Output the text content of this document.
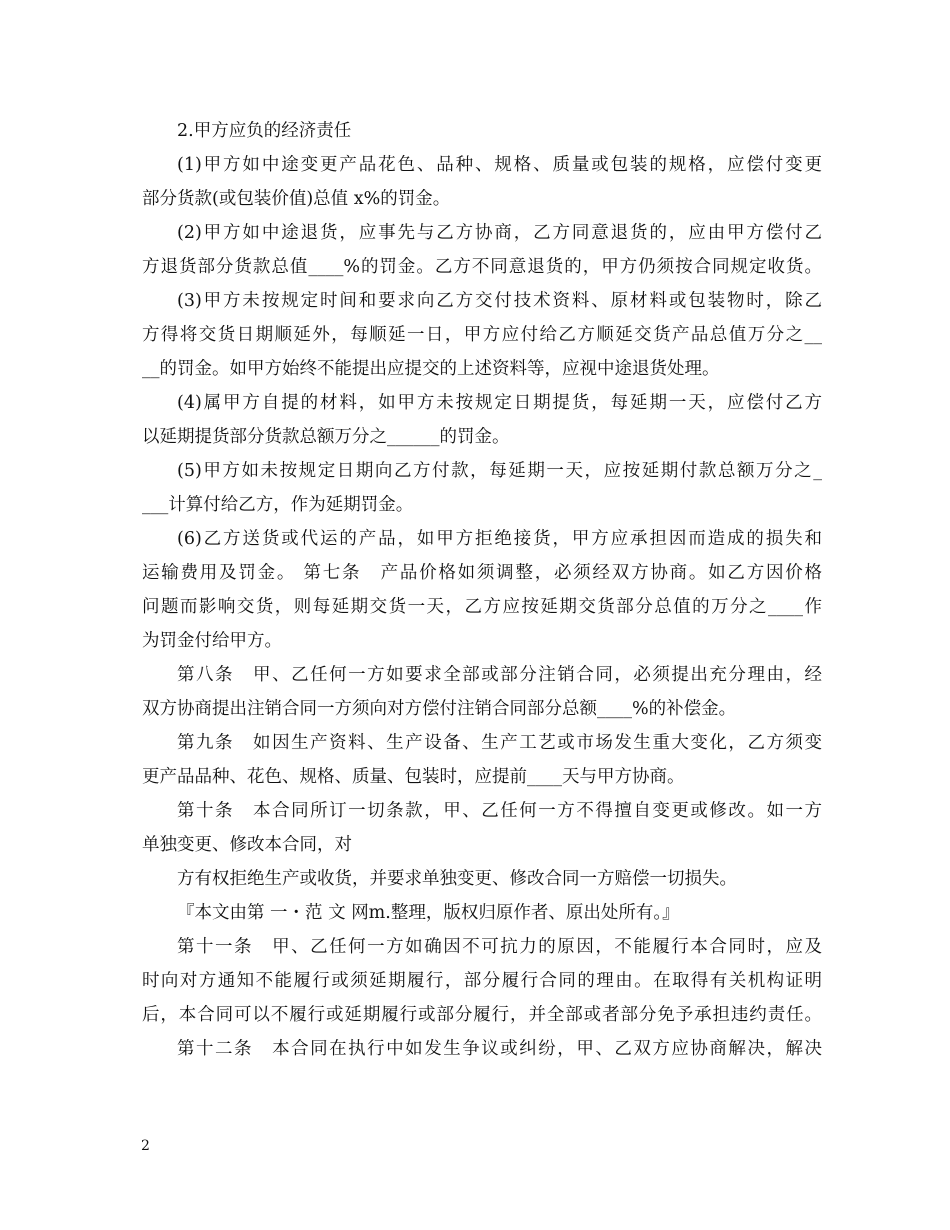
2.甲方应负的经济责任
(1)甲方如中途变更产品花色、品种、规格、质量或包装的规格，应偿付变更
部分货款(或包装价值)总值 x%的罚金。
(2)甲方如中途退货，应事先与乙方协商，乙方同意退货的，应由甲方偿付乙
方退货部分货款总值____%的罚金。乙方不同意退货的，甲方仍须按合同规定收货。
(3)甲方未按规定时间和要求向乙方交付技术资料、原材料或包装物时，除乙
方得将交货日期顺延外，每顺延一日，甲方应付给乙方顺延交货产品总值万分之__
__的罚金。如甲方始终不能提出应提交的上述资料等，应视中途退货处理。
(4)属甲方自提的材料，如甲方未按规定日期提货，每延期一天，应偿付乙方
以延期提货部分货款总额万分之______的罚金。
(5)甲方如未按规定日期向乙方付款，每延期一天，应按延期付款总额万分之_
___计算付给乙方，作为延期罚金。
(6)乙方送货或代运的产品，如甲方拒绝接货，甲方应承担因而造成的损失和
运输费用及罚金。 第七条　产品价格如须调整，必须经双方协商。如乙方因价格
问题而影响交货，则每延期交货一天，乙方应按延期交货部分总值的万分之____作
为罚金付给甲方。
第八条　甲、乙任何一方如要求全部或部分注销合同，必须提出充分理由，经
双方协商提出注销合同一方须向对方偿付注销合同部分总额____%的补偿金。
第九条　如因生产资料、生产设备、生产工艺或市场发生重大变化，乙方须变
更产品品种、花色、规格、质量、包装时，应提前____天与甲方协商。
第十条　本合同所订一切条款，甲、乙任何一方不得擅自变更或修改。如一方
单独变更、修改本合同，对
方有权拒绝生产或收货，并要求单独变更、修改合同一方赔偿一切损失。
『本文由第 一・范 文 网m.整理，版权归原作者、原出处所有。』
第十一条　甲、乙任何一方如确因不可抗力的原因，不能履行本合同时，应及
时向对方通知不能履行或须延期履行，部分履行合同的理由。在取得有关机构证明
后，本合同可以不履行或延期履行或部分履行，并全部或者部分免予承担违约责任。
第十二条　本合同在执行中如发生争议或纠纷，甲、乙双方应协商解决，解决
2
